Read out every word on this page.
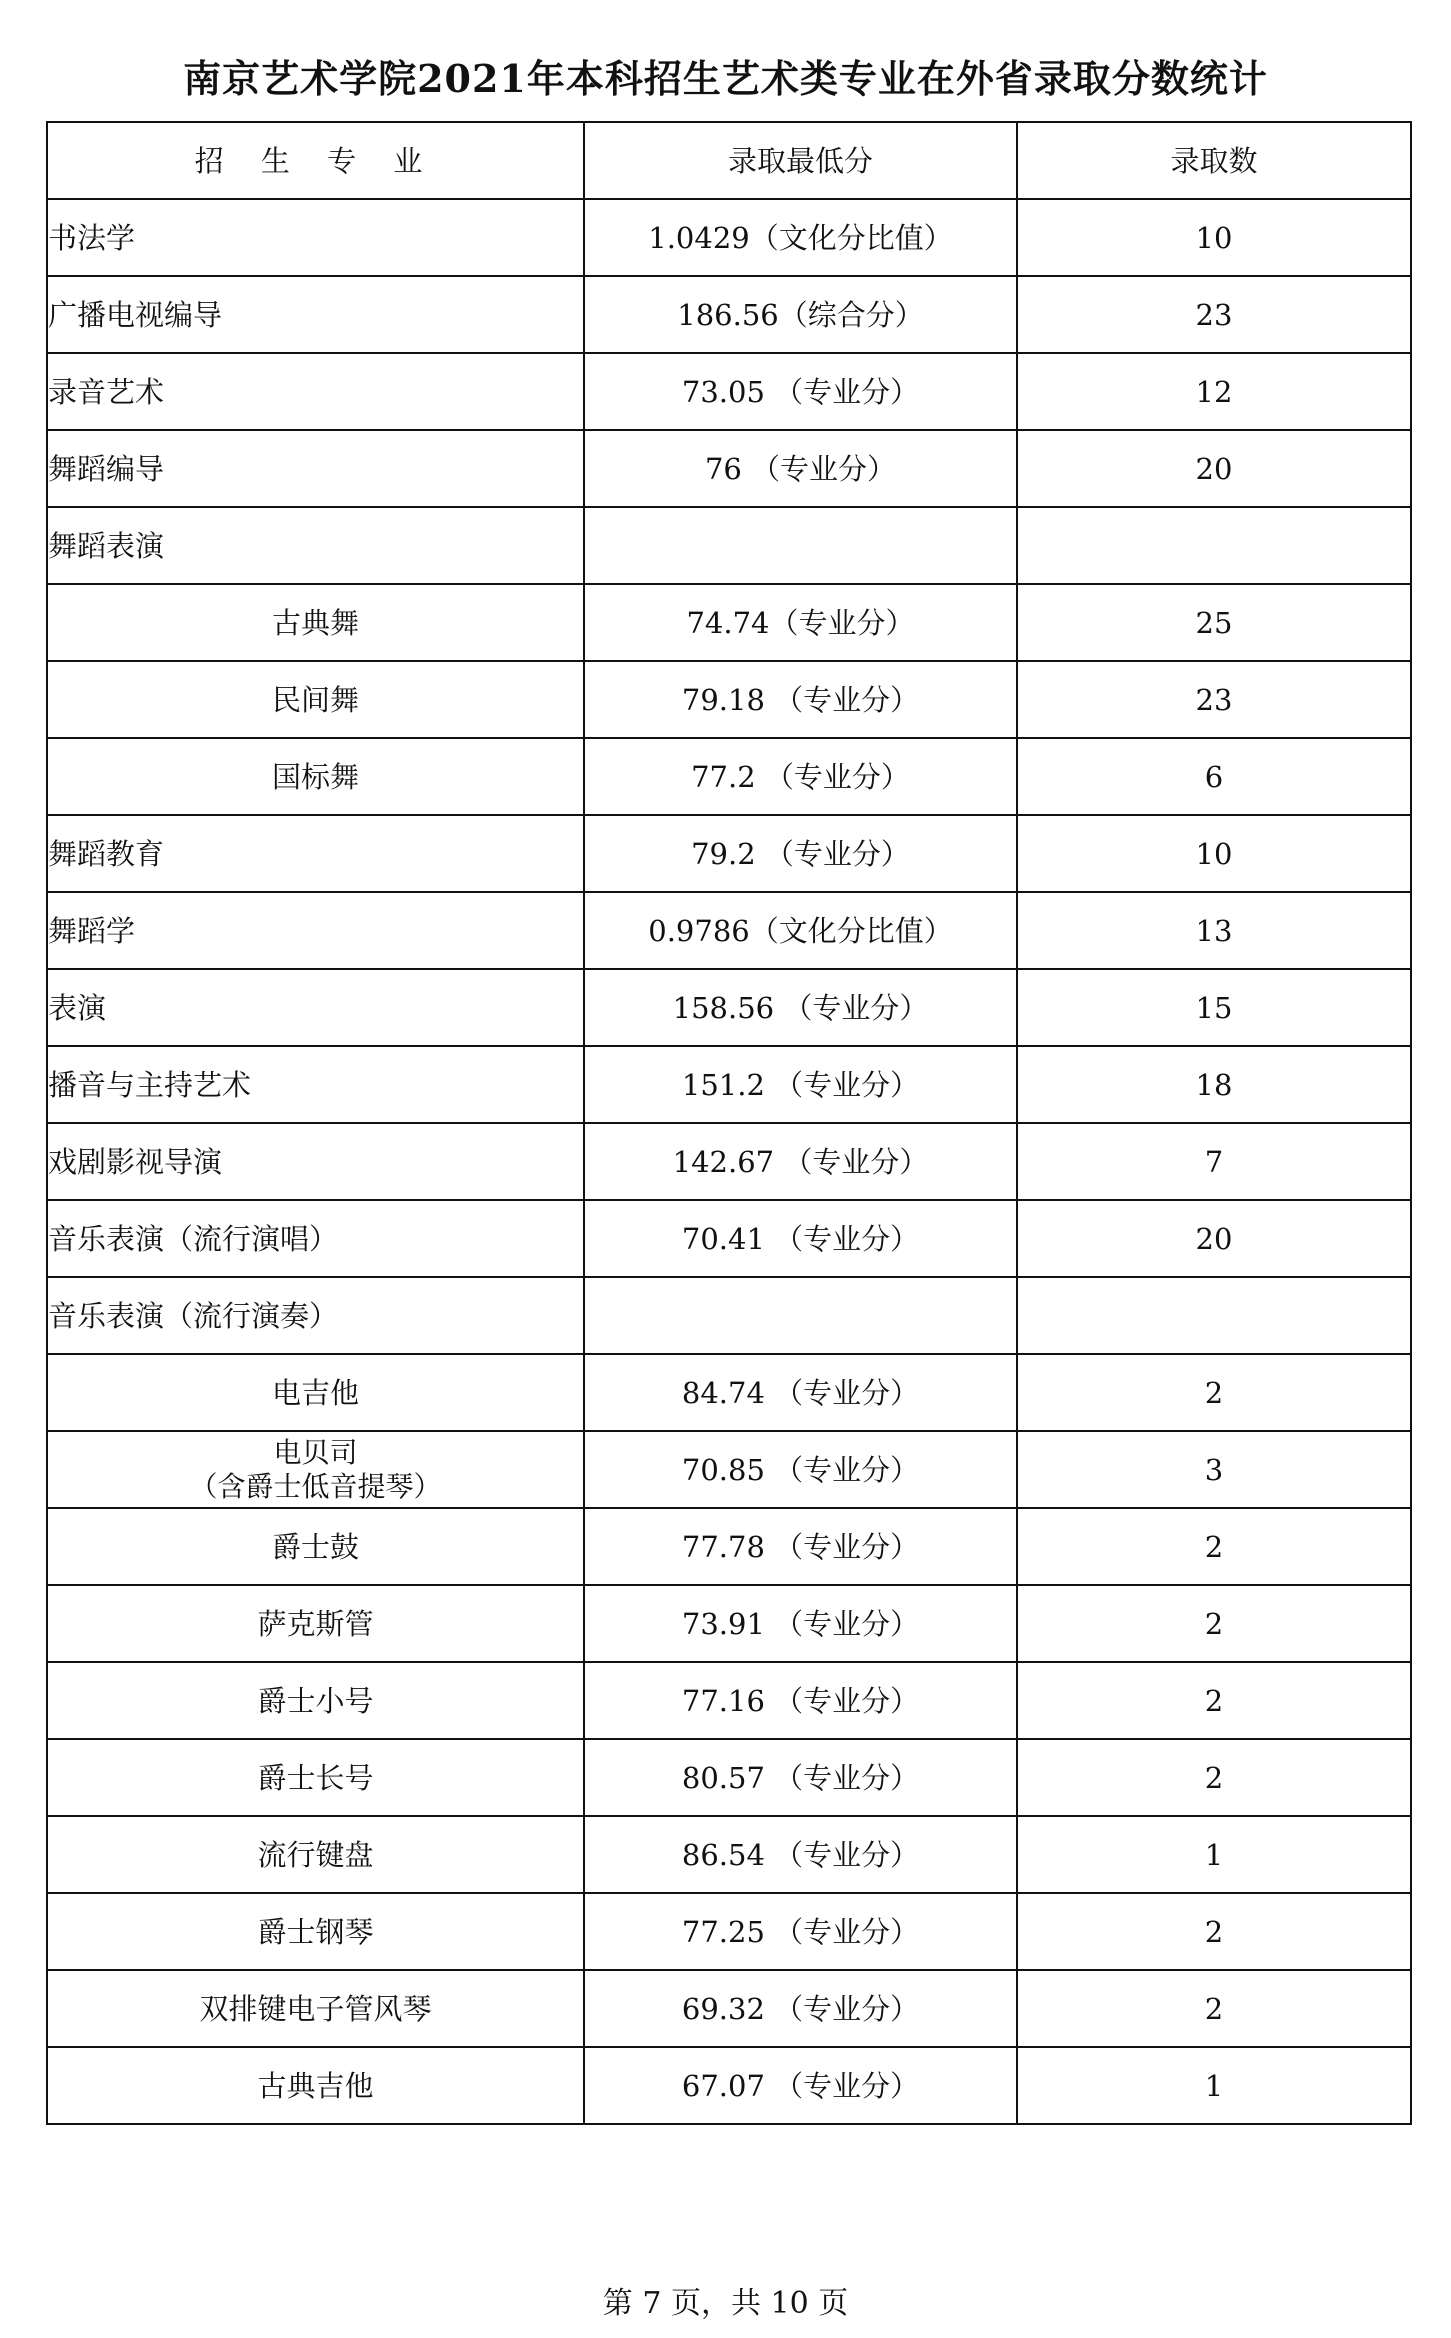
南京艺术学院2021年本科招生艺术类专业在外省录取分数统计
招 生 专 业	录取最低分	录取数
书法学	1.0429（文化分比值）	10
广播电视编导	186.56（综合分）	23
录音艺术	73.05 （专业分）	12
舞蹈编导	76 （专业分）	20
舞蹈表演		
古典舞	74.74（专业分）	25
民间舞	79.18 （专业分）	23
国标舞	77.2 （专业分）	6
舞蹈教育	79.2 （专业分）	10
舞蹈学	0.9786（文化分比值）	13
表演	158.56 （专业分）	15
播音与主持艺术	151.2 （专业分）	18
戏剧影视导演	142.67 （专业分）	7
音乐表演（流行演唱）	70.41 （专业分）	20
音乐表演（流行演奏）		
电吉他	84.74 （专业分）	2

电贝司
（含爵士低音提琴）	70.85 （专业分）	3
爵士鼓	77.78 （专业分）	2
萨克斯管	73.91 （专业分）	2
爵士小号	77.16 （专业分）	2
爵士长号	80.57 （专业分）	2
流行键盘	86.54 （专业分）	1
爵士钢琴	77.25 （专业分）	2
双排键电子管风琴	69.32 （专业分）	2
古典吉他	67.07 （专业分）	1
第 7 页，共 10 页
